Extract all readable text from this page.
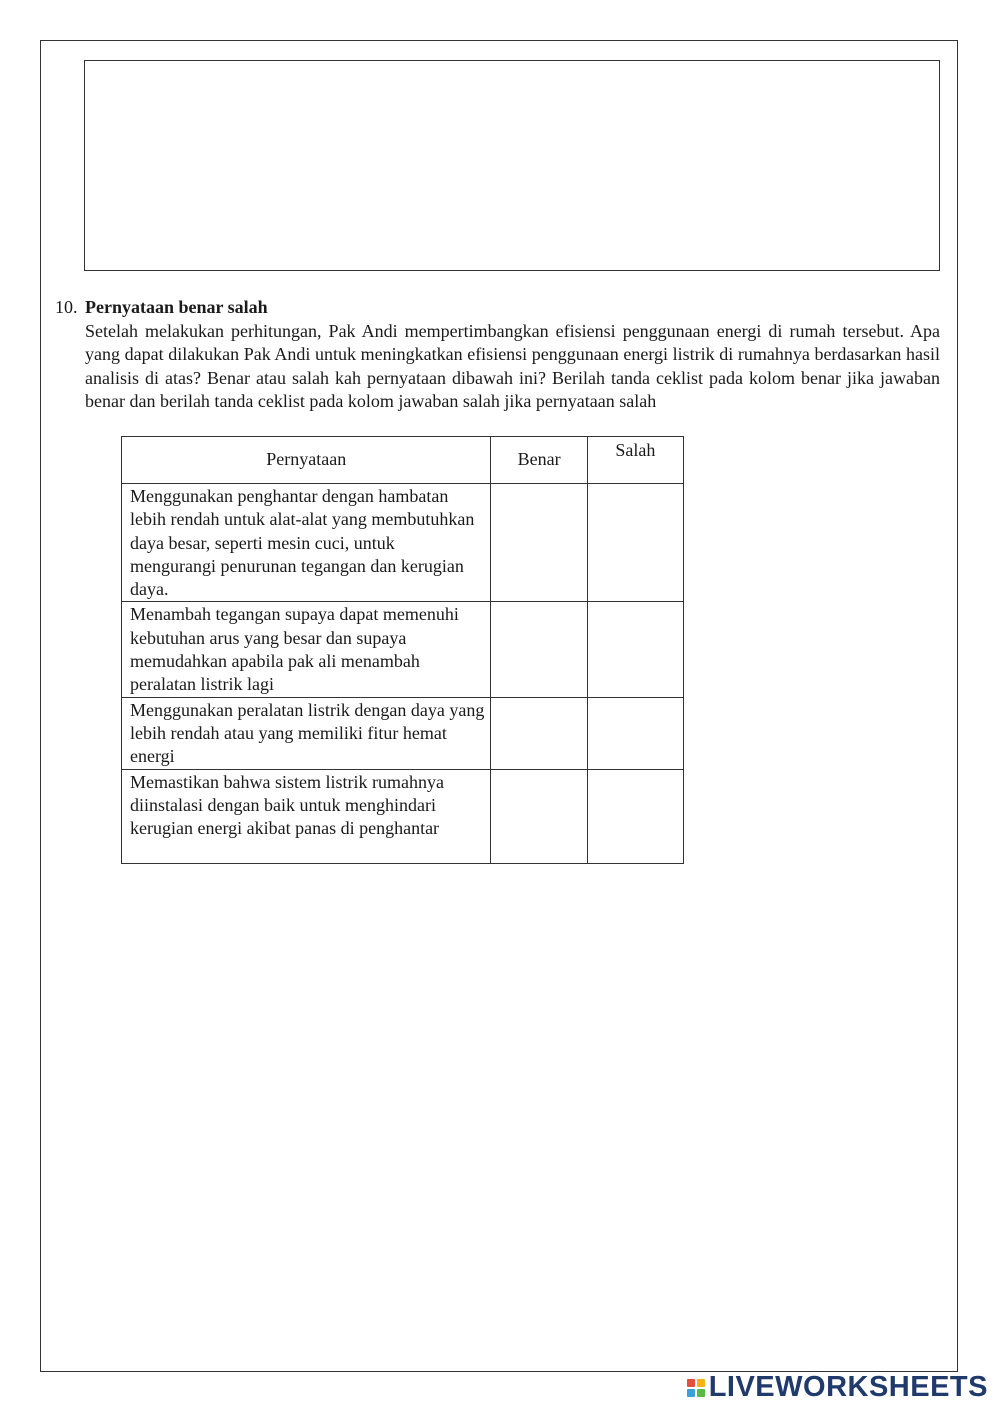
10. Pernyataan benar salah
Setelah melakukan perhitungan, Pak Andi mempertimbangkan efisiensi penggunaan energi di rumah tersebut. Apa yang dapat dilakukan Pak Andi untuk meningkatkan efisiensi penggunaan energi listrik di rumahnya berdasarkan hasil analisis di atas? Benar atau salah kah pernyataan dibawah ini? Berilah tanda ceklist pada kolom benar jika jawaban benar dan berilah tanda ceklist pada kolom jawaban salah jika pernyataan salah
Pernyataan	Benar	Salah
Menggunakan penghantar dengan hambatan lebih rendah untuk alat-alat yang membutuhkan daya besar, seperti mesin cuci, untuk mengurangi penurunan tegangan dan kerugian daya.		
Menambah tegangan supaya dapat memenuhi kebutuhan arus yang besar dan supaya memudahkan apabila pak ali menambah peralatan listrik lagi		
Menggunakan peralatan listrik dengan daya yang lebih rendah atau yang memiliki fitur hemat energi		
Memastikan bahwa sistem listrik rumahnya diinstalasi dengan baik untuk menghindari kerugian energi akibat panas di penghantar		
LIVEWORKSHEETS
